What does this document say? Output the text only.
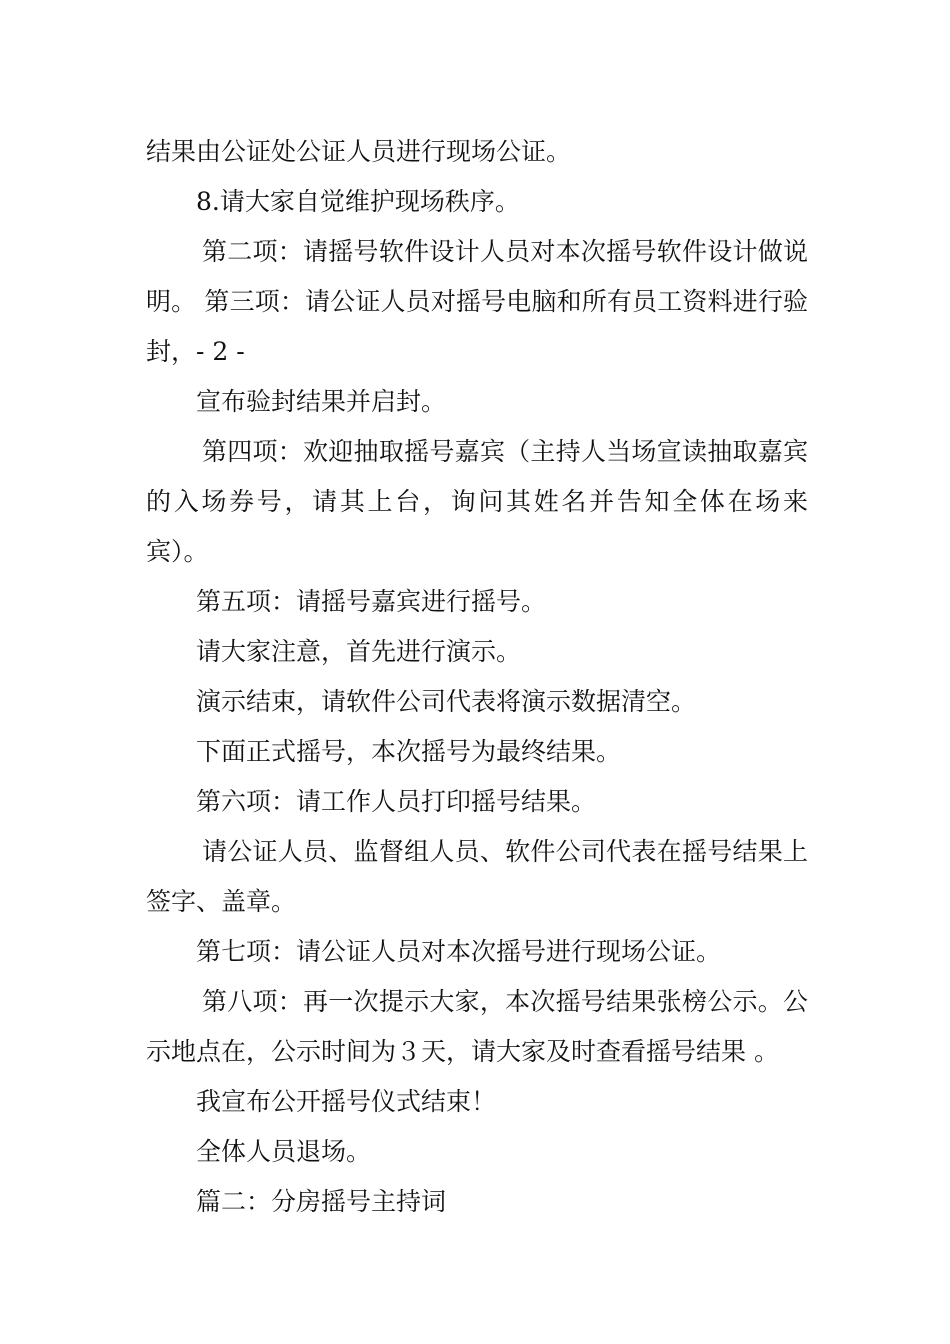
结果由公证处公证人员进行现场公证。

8.请大家自觉维护现场秩序。

第二项：请摇号软件设计人员对本次摇号软件设计做说明。 第三项：请公证人员对摇号电脑和所有员工资料进行验封，- 2 -

宣布验封结果并启封。

第四项：欢迎抽取摇号嘉宾（主持人当场宣读抽取嘉宾的入场券号，请其上台，询问其姓名并告知全体在场来宾）。

第五项：请摇号嘉宾进行摇号。

请大家注意，首先进行演示。

演示结束，请软件公司代表将演示数据清空。

下面正式摇号，本次摇号为最终结果。

第六项：请工作人员打印摇号结果。

请公证人员、监督组人员、软件公司代表在摇号结果上签字、盖章。

第七项：请公证人员对本次摇号进行现场公证。

第八项：再一次提示大家，本次摇号结果张榜公示。公示地点在，公示时间为３天，请大家及时查看摇号结果 。

我宣布公开摇号仪式结束！

全体人员退场。

篇二：分房摇号主持词
